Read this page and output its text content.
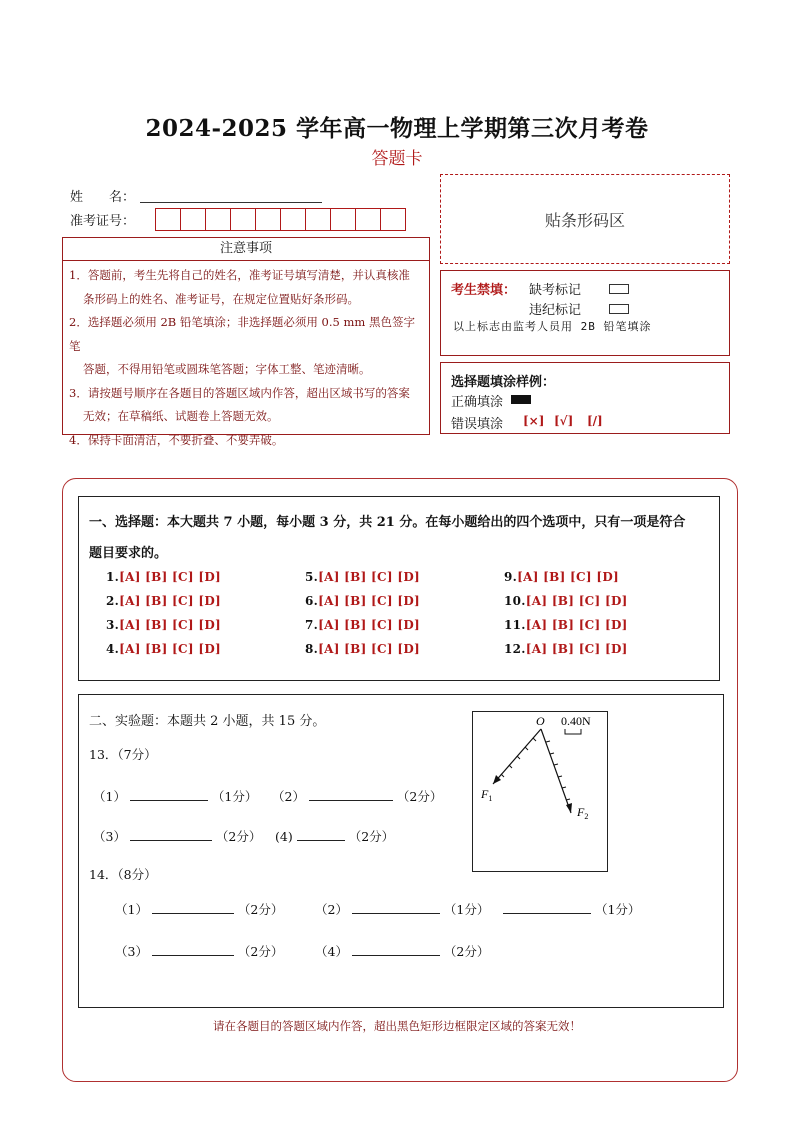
2024-2025 学年高一物理上学期第三次月考卷
答题卡
姓　　名：
准考证号：	贴条形码区
注意事项

1．答题前，考生先将自己的姓名，准考证号填写清楚，并认真核准

条形码上的姓名、准考证号，在规定位置贴好条形码。

2．选择题必须用 2B 铅笔填涂；非选择题必须用 0.5 mm 黑色签字笔

答题，不得用铅笔或圆珠笔答题；字体工整、笔迹清晰。

3．请按题号顺序在各题目的答题区域内作答，超出区域书写的答案

无效；在草稿纸、试题卷上答题无效。

4．保持卡面清洁，不要折叠、不要弄破。

考生禁填： 缺考标记
违纪标记
以上标志由监考人员用 2B 铅笔填涂
选择题填涂样例：
正确填涂
错误填涂 [×] [√] [/]
一、选择题：本大题共 7 小题，每小题 3 分，共 21 分。在每小题给出的四个选项中，只有一项是符合
题目要求的。
1.[A] [B] [C] [D]
2.[A] [B] [C] [D]
3.[A] [B] [C] [D]
4.[A] [B] [C] [D]
5.[A] [B] [C] [D]
6.[A] [B] [C] [D]
7.[A] [B] [C] [D]
8.[A] [B] [C] [D]
9.[A] [B] [C] [D]
10.[A] [B] [C] [D]
11.[A] [B] [C] [D]
12.[A] [B] [C] [D]
二、实验题：本题共 2 小题，共 15 分。
13．（7分）
（1）	（1分） （2）	（2分）
（3）	（2分） (4)	（2分）
14．（8分）
（1）	（2分）	（2）	（1分）	（1分）
（3）	（2分）	（4）	（2分）
O 0.40N
$F_1$
$F_2$
请在各题目的答题区域内作答，超出黑色矩形边框限定区域的答案无效！
